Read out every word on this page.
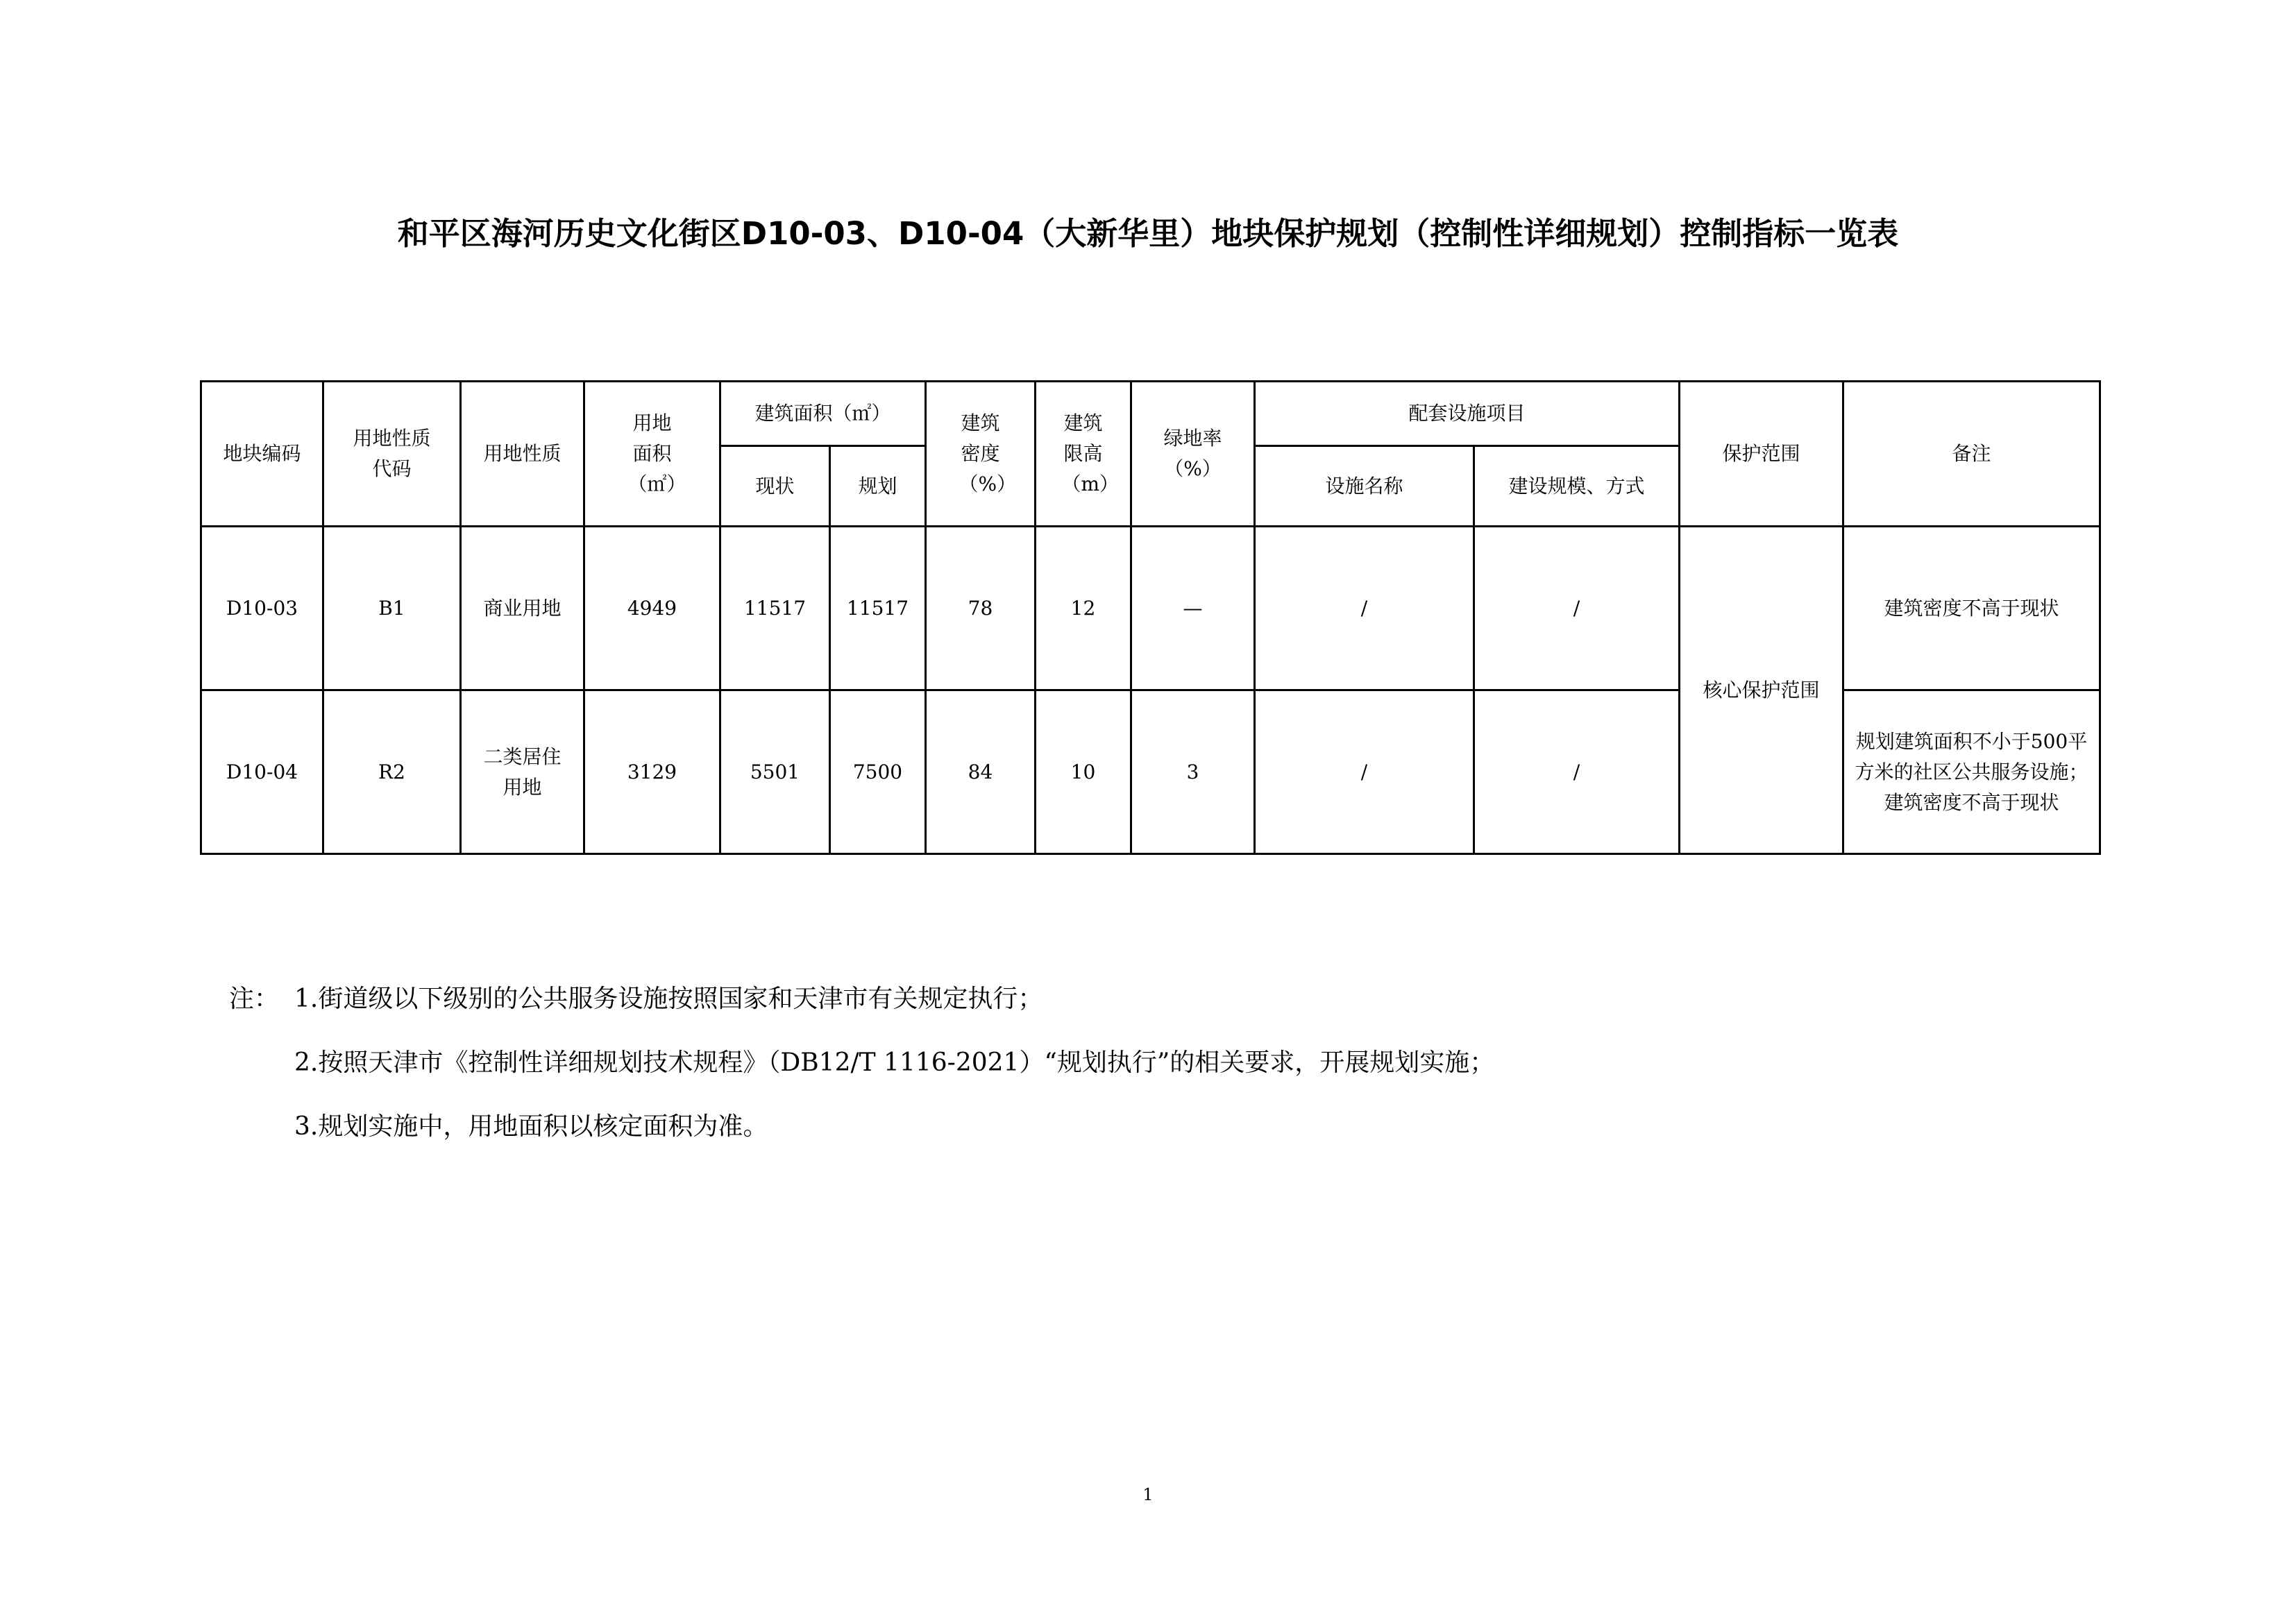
和平区海河历史文化街区D10-03、D10-04（大新华里）地块保护规划（控制性详细规划）控制指标一览表
地块编码	用地性质代码	用地性质	用地面积（㎡）	建筑面积（㎡）		建筑密度（%）	建筑限高（m）	绿地率（%）	配套设施项目		保护范围	备注
				现状	规划				设施名称	建设规模、方式		
D10-03	B1	商业用地	4949	11517	11517	78	12	—	/	/	核心保护范围	建筑密度不高于现状
D10-04	R2	二类居住用地	3129	5501	7500	84	10	3	/	/		规划建筑面积不小于500平方米的社区公共服务设施；建筑密度不高于现状
注： 1.街道级以下级别的公共服务设施按照国家和天津市有关规定执行；
2.按照天津市《控制性详细规划技术规程》（DB12/T 1116-2021）“规划执行”的相关要求，开展规划实施；
3.规划实施中，用地面积以核定面积为准。
1
